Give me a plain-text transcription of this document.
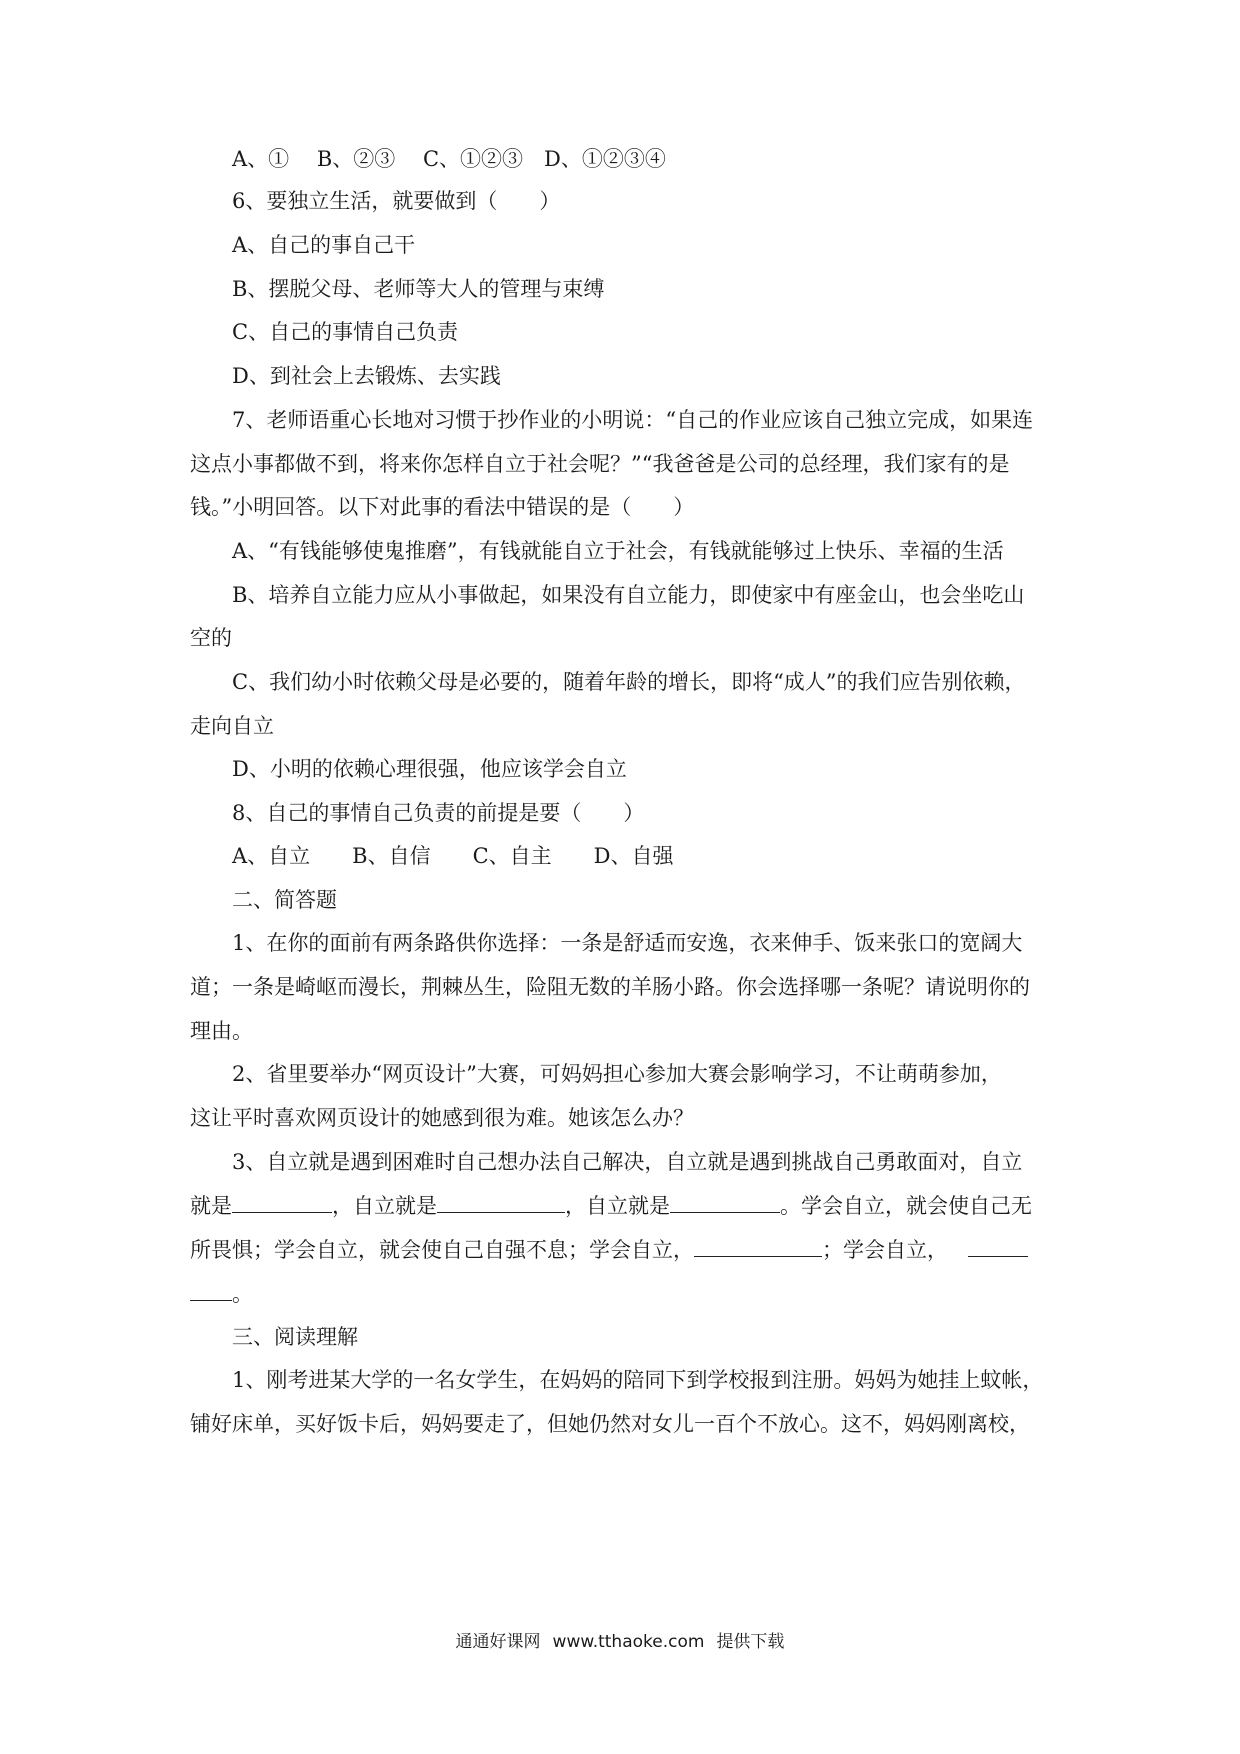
A、①　 B、②③　 C、①②③　D、①②③④
6、要独立生活，就要做到（　　）
A、自己的事自己干
B、摆脱父母、老师等大人的管理与束缚
C、自己的事情自己负责
D、到社会上去锻炼、去实践
7、老师语重心长地对习惯于抄作业的小明说：“自己的作业应该自己独立完成，如果连
这点小事都做不到，将来你怎样自立于社会呢？”“我爸爸是公司的总经理，我们家有的是
钱。”小明回答。以下对此事的看法中错误的是（　　）
A、“有钱能够使鬼推磨”，有钱就能自立于社会，有钱就能够过上快乐、幸福的生活
B、培养自立能力应从小事做起，如果没有自立能力，即使家中有座金山，也会坐吃山
空的
C、我们幼小时依赖父母是必要的，随着年龄的增长，即将“成人”的我们应告别依赖，
走向自立
D、小明的依赖心理很强，他应该学会自立
8、自己的事情自己负责的前提是要（　　）
A、自立　　B、自信　　C、自主　　D、自强
二、简答题
1、在你的面前有两条路供你选择：一条是舒适而安逸，衣来伸手、饭来张口的宽阔大
道；一条是崎岖而漫长，荆棘丛生，险阻无数的羊肠小路。你会选择哪一条呢？请说明你的
理由。
2、省里要举办“网页设计”大赛，可妈妈担心参加大赛会影响学习，不让萌萌参加，
这让平时喜欢网页设计的她感到很为难。她该怎么办？
3、自立就是遇到困难时自己想办法自己解决，自立就是遇到挑战自己勇敢面对，自立
就是	，自立就是	，自立就是	。学会自立，就会使自己无
所畏惧；学会自立，就会使自己自强不息；学会自立，	；学会自立，
。
三、阅读理解
1、刚考进某大学的一名女学生，在妈妈的陪同下到学校报到注册。妈妈为她挂上蚊帐，
铺好床单，买好饭卡后，妈妈要走了，但她仍然对女儿一百个不放心。这不，妈妈刚离校，
通通好课网 www.tthaoke.com 提供下载
